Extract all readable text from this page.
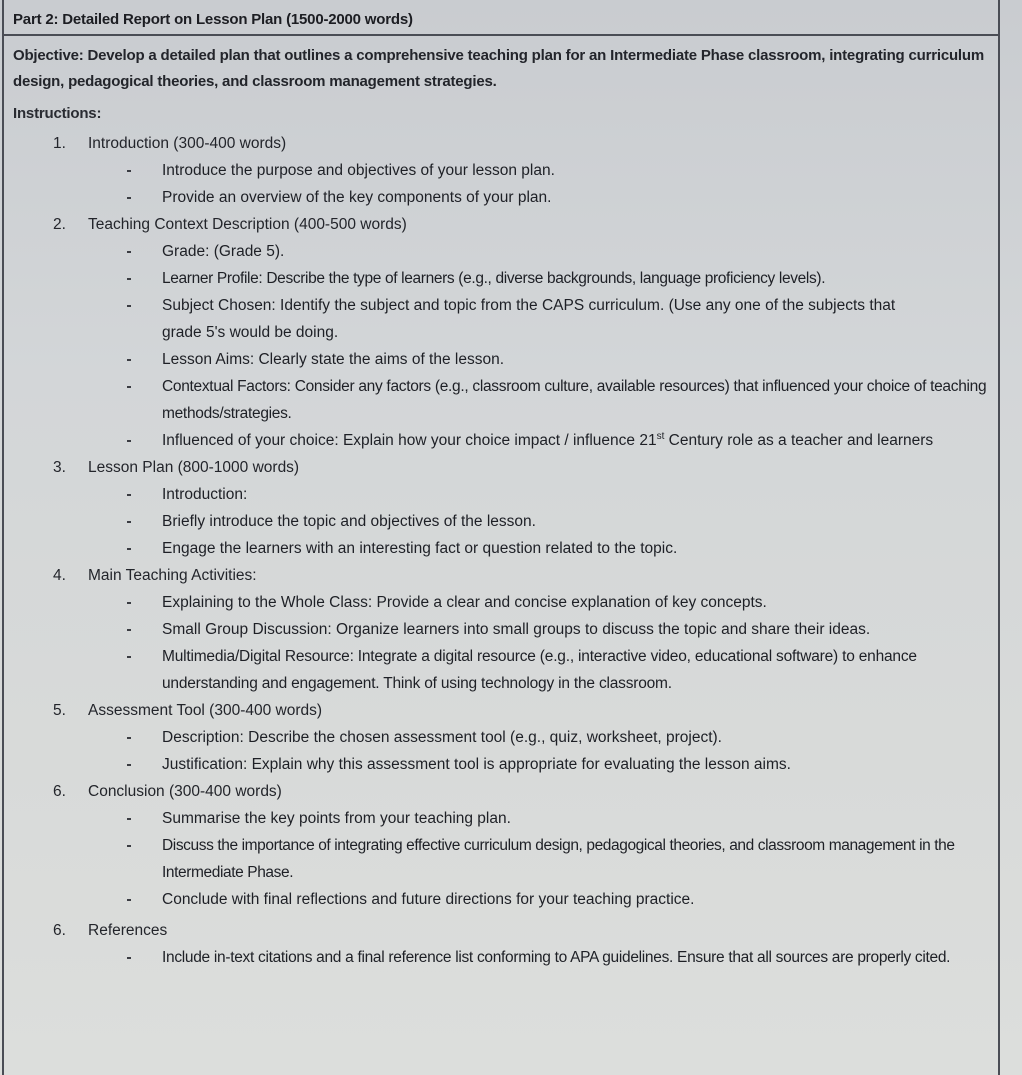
Part 2: Detailed Report on Lesson Plan (1500-2000 words)
Objective: Develop a detailed plan that outlines a comprehensive teaching plan for an Intermediate Phase classroom, integrating curriculum design, pedagogical theories, and classroom management strategies.
Instructions:
1.	Introduction (300-400 words)
Introduce the purpose and objectives of your lesson plan.
Provide an overview of the key components of your plan.
2.	Teaching Context Description (400-500 words)
Grade: (Grade 5).
Learner Profile: Describe the type of learners (e.g., diverse backgrounds, language proficiency levels).
Subject Chosen: Identify the subject and topic from the CAPS curriculum. (Use any one of the subjects that grade 5's would be doing.
Lesson Aims: Clearly state the aims of the lesson.
Contextual Factors: Consider any factors (e.g., classroom culture, available resources) that influenced your choice of teaching methods/strategies.
Influenced of your choice: Explain how your choice impact / influence 21st Century role as a teacher and learners
3.	Lesson Plan (800-1000 words)
Introduction:
Briefly introduce the topic and objectives of the lesson.
Engage the learners with an interesting fact or question related to the topic.
4.	Main Teaching Activities:
Explaining to the Whole Class: Provide a clear and concise explanation of key concepts.
Small Group Discussion: Organize learners into small groups to discuss the topic and share their ideas.
Multimedia/Digital Resource: Integrate a digital resource (e.g., interactive video, educational software) to enhance understanding and engagement. Think of using technology in the classroom.
5.	Assessment Tool (300-400 words)
Description: Describe the chosen assessment tool (e.g., quiz, worksheet, project).
Justification: Explain why this assessment tool is appropriate for evaluating the lesson aims.
6.	Conclusion (300-400 words)
Summarise the key points from your teaching plan.
Discuss the importance of integrating effective curriculum design, pedagogical theories, and classroom management in the Intermediate Phase.
Conclude with final reflections and future directions for your teaching practice.
6.	References
Include in-text citations and a final reference list conforming to APA guidelines. Ensure that all sources are properly cited.
